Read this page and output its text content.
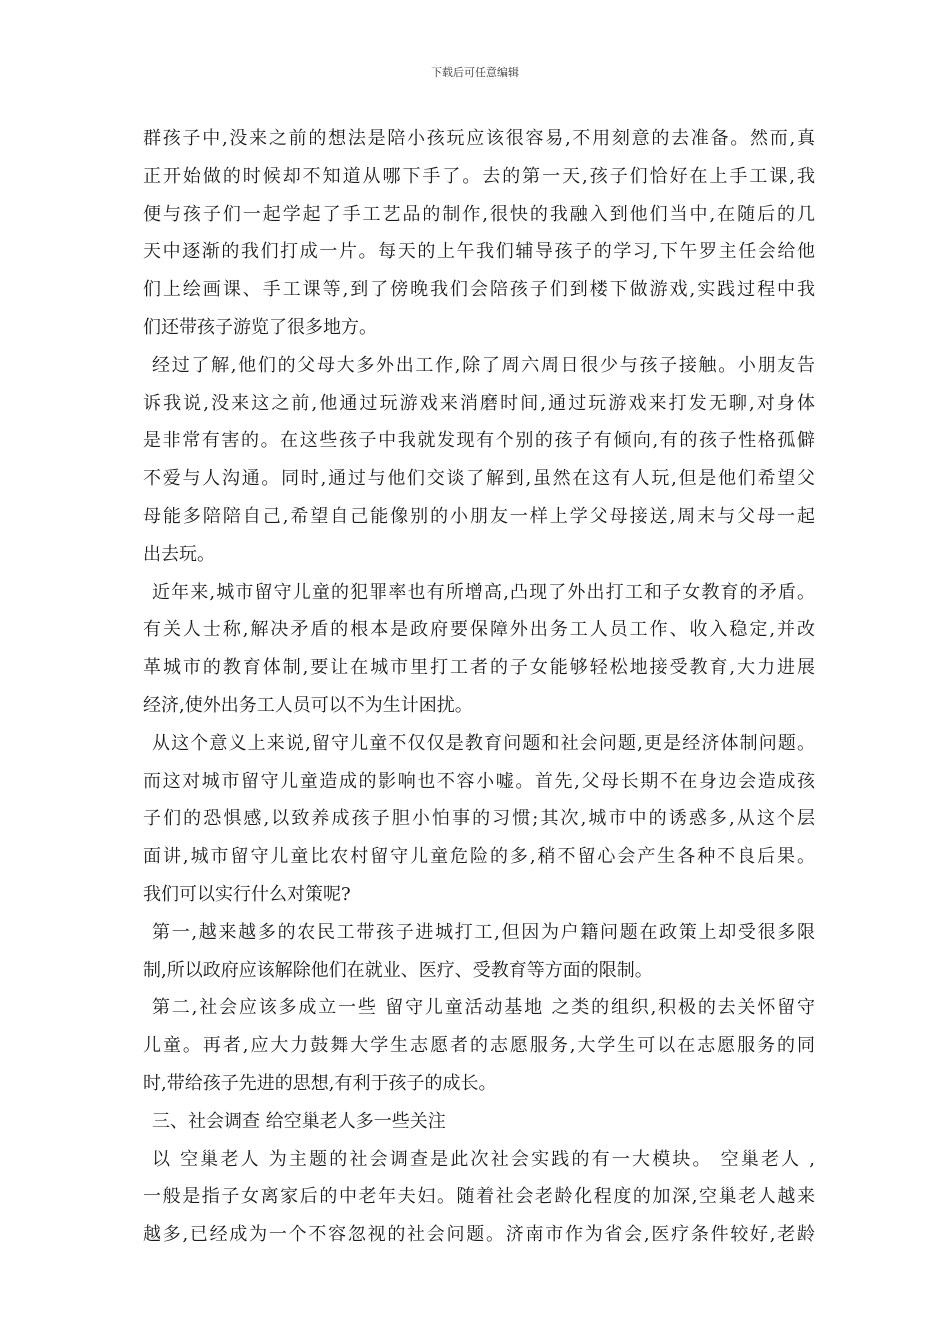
下载后可任意编辑
群孩子中,没来之前的想法是陪小孩玩应该很容易,不用刻意的去准备。然而,真
正开始做的时候却不知道从哪下手了。去的第一天,孩子们恰好在上手工课,我
便与孩子们一起学起了手工艺品的制作,很快的我融入到他们当中,在随后的几
天中逐渐的我们打成一片。每天的上午我们辅导孩子的学习,下午罗主任会给他
们上绘画课、手工课等,到了傍晚我们会陪孩子们到楼下做游戏,实践过程中我
们还带孩子游览了很多地方。
经过了解,他们的父母大多外出工作,除了周六周日很少与孩子接触。小朋友告
诉我说,没来这之前,他通过玩游戏来消磨时间,通过玩游戏来打发无聊,对身体
是非常有害的。在这些孩子中我就发现有个别的孩子有倾向,有的孩子性格孤僻
不爱与人沟通。同时,通过与他们交谈了解到,虽然在这有人玩,但是他们希望父
母能多陪陪自己,希望自己能像别的小朋友一样上学父母接送,周末与父母一起
出去玩。
近年来,城市留守儿童的犯罪率也有所增高,凸现了外出打工和子女教育的矛盾。
有关人士称,解决矛盾的根本是政府要保障外出务工人员工作、收入稳定,并改
革城市的教育体制,要让在城市里打工者的子女能够轻松地接受教育,大力进展
经济,使外出务工人员可以不为生计困扰。
从这个意义上来说,留守儿童不仅仅是教育问题和社会问题,更是经济体制问题。
而这对城市留守儿童造成的影响也不容小嘘。首先,父母长期不在身边会造成孩
子们的恐惧感,以致养成孩子胆小怕事的习惯;其次,城市中的诱惑多,从这个层
面讲,城市留守儿童比农村留守儿童危险的多,稍不留心会产生各种不良后果。
我们可以实行什么对策呢?
第一,越来越多的农民工带孩子进城打工,但因为户籍问题在政策上却受很多限
制,所以政府应该解除他们在就业、医疗、受教育等方面的限制。
第二,社会应该多成立一些 留守儿童活动基地 之类的组织,积极的去关怀留守
儿童。再者,应大力鼓舞大学生志愿者的志愿服务,大学生可以在志愿服务的同
时,带给孩子先进的思想,有利于孩子的成长。
三、社会调查 给空巢老人多一些关注
以 空巢老人 为主题的社会调查是此次社会实践的有一大模块。 空巢老人 ,
一般是指子女离家后的中老年夫妇。随着社会老龄化程度的加深,空巢老人越来
越多,已经成为一个不容忽视的社会问题。济南市作为省会,医疗条件较好,老龄
